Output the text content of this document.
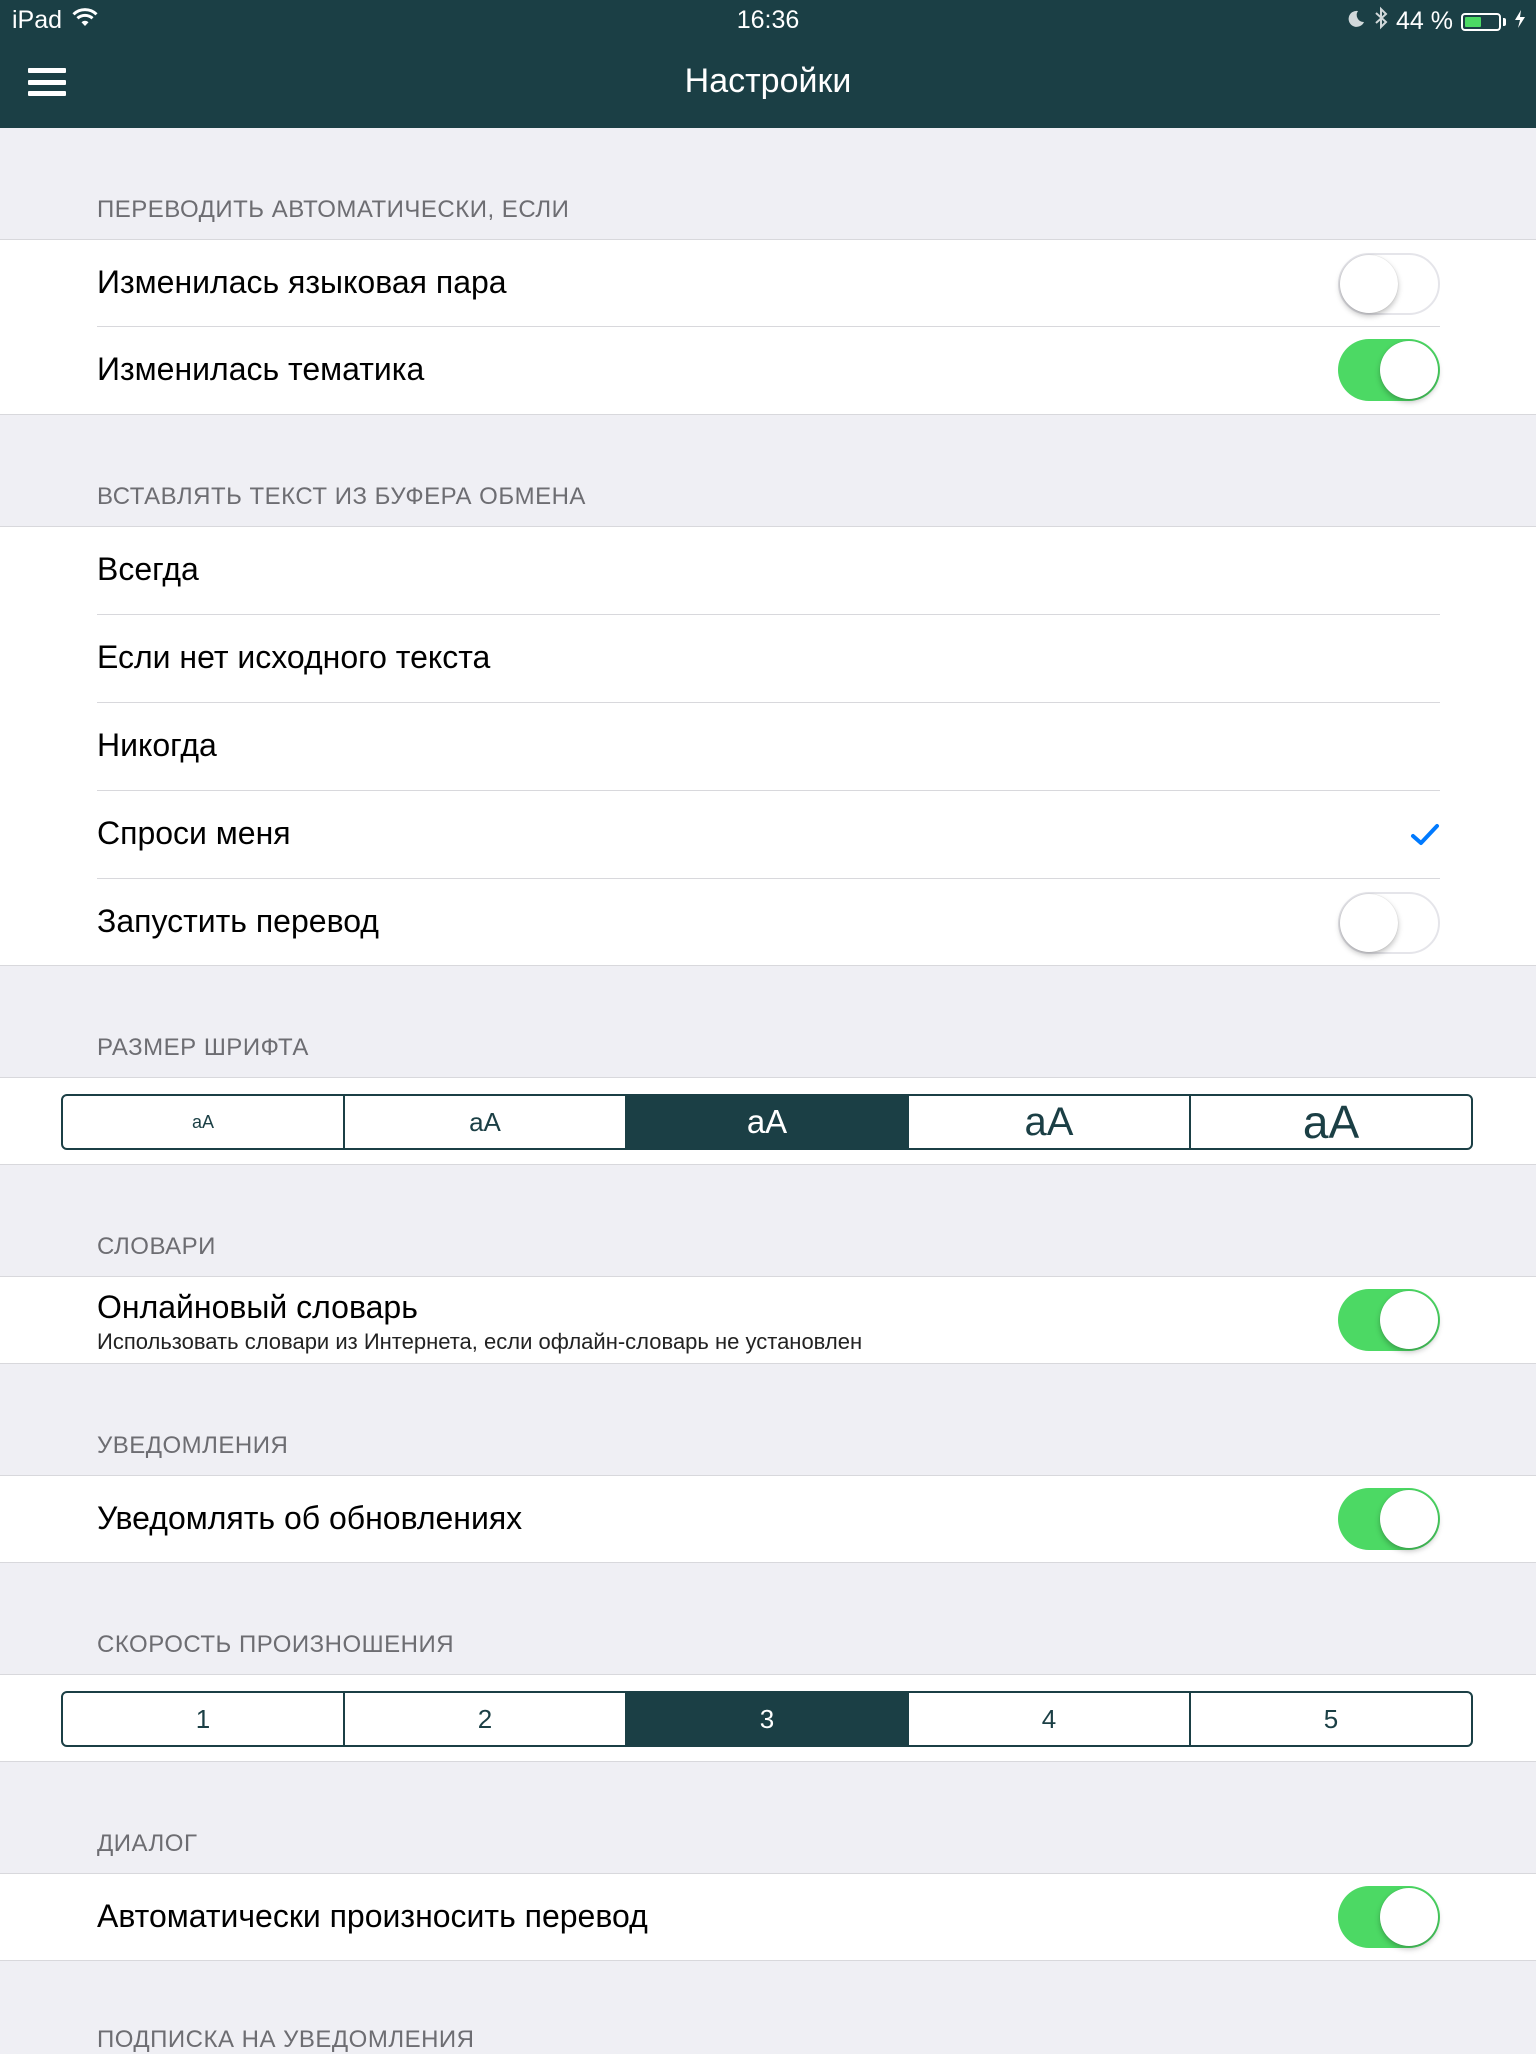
iPad	16:36	44 %
Настройки
ПЕРЕВОДИТЬ АВТОМАТИЧЕСКИ, ЕСЛИ
Изменилась языковая пара
Изменилась тематика
ВСТАВЛЯТЬ ТЕКСТ ИЗ БУФЕРА ОБМЕНА
Всегда
Если нет исходного текста
Никогда
Спроси меня
Запустить перевод
РАЗМЕР ШРИФТА
aA	aA	aA	aA	aA
СЛОВАРИ
Онлайновый словарь
Использовать словари из Интернета, если офлайн-словарь не установлен
УВЕДОМЛЕНИЯ
Уведомлять об обновлениях
СКОРОСТЬ ПРОИЗНОШЕНИЯ
1	2	3	4	5
ДИАЛОГ
Автоматически произносить перевод
ПОДПИСКА НА УВЕДОМЛЕНИЯ
